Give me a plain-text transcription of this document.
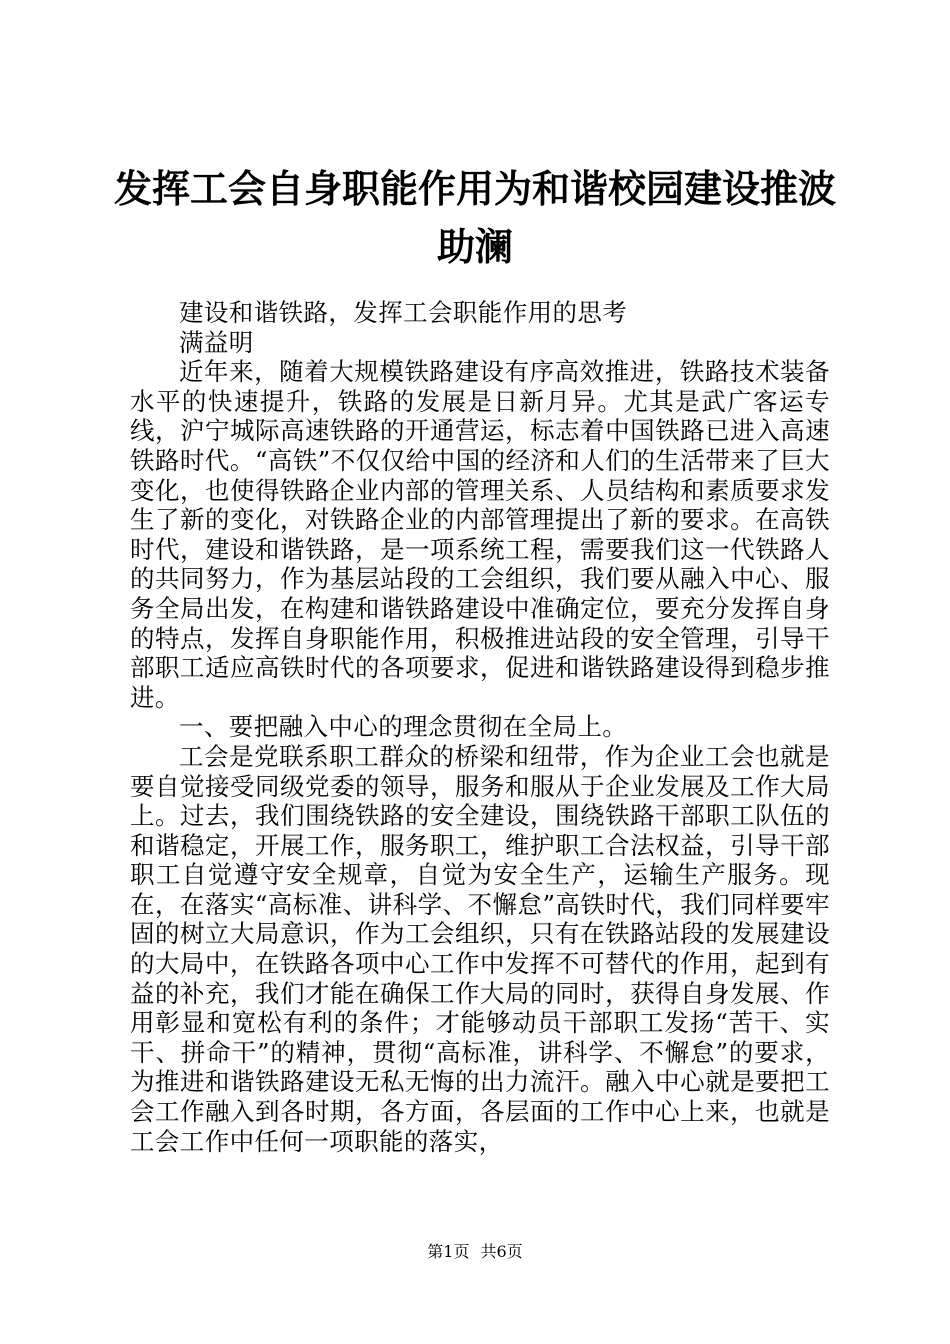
发挥工会自身职能作用为和谐校园建设推波助澜

建设和谐铁路，发挥工会职能作用的思考

满益明

近年来，随着大规模铁路建设有序高效推进，铁路技术装备水平的快速提升，铁路的发展是日新月异。尤其是武广客运专线，沪宁城际高速铁路的开通营运，标志着中国铁路已进入高速铁路时代。“高铁”不仅仅给中国的经济和人们的生活带来了巨大变化，也使得铁路企业内部的管理关系、人员结构和素质要求发生了新的变化，对铁路企业的内部管理提出了新的要求。在高铁时代，建设和谐铁路，是一项系统工程，需要我们这一代铁路人的共同努力，作为基层站段的工会组织，我们要从融入中心、服务全局出发，在构建和谐铁路建设中准确定位，要充分发挥自身的特点，发挥自身职能作用，积极推进站段的安全管理，引导干部职工适应高铁时代的各项要求，促进和谐铁路建设得到稳步推进。

一、要把融入中心的理念贯彻在全局上。

工会是党联系职工群众的桥梁和纽带，作为企业工会也就是要自觉接受同级党委的领导，服务和服从于企业发展及工作大局上。过去，我们围绕铁路的安全建设，围绕铁路干部职工队伍的和谐稳定，开展工作，服务职工，维护职工合法权益，引导干部职工自觉遵守安全规章，自觉为安全生产，运输生产服务。现在，在落实“高标准、讲科学、不懈怠”高铁时代，我们同样要牢固的树立大局意识，作为工会组织，只有在铁路站段的发展建设的大局中，在铁路各项中心工作中发挥不可替代的作用，起到有益的补充，我们才能在确保工作大局的同时，获得自身发展、作用彰显和宽松有利的条件；才能够动员干部职工发扬“苦干、实干、拼命干”的精神，贯彻“高标准，讲科学、不懈怠”的要求，为推进和谐铁路建设无私无悔的出力流汗。融入中心就是要把工会工作融入到各时期，各方面，各层面的工作中心上来，也就是工会工作中任何一项职能的落实，

第1页 共6页
